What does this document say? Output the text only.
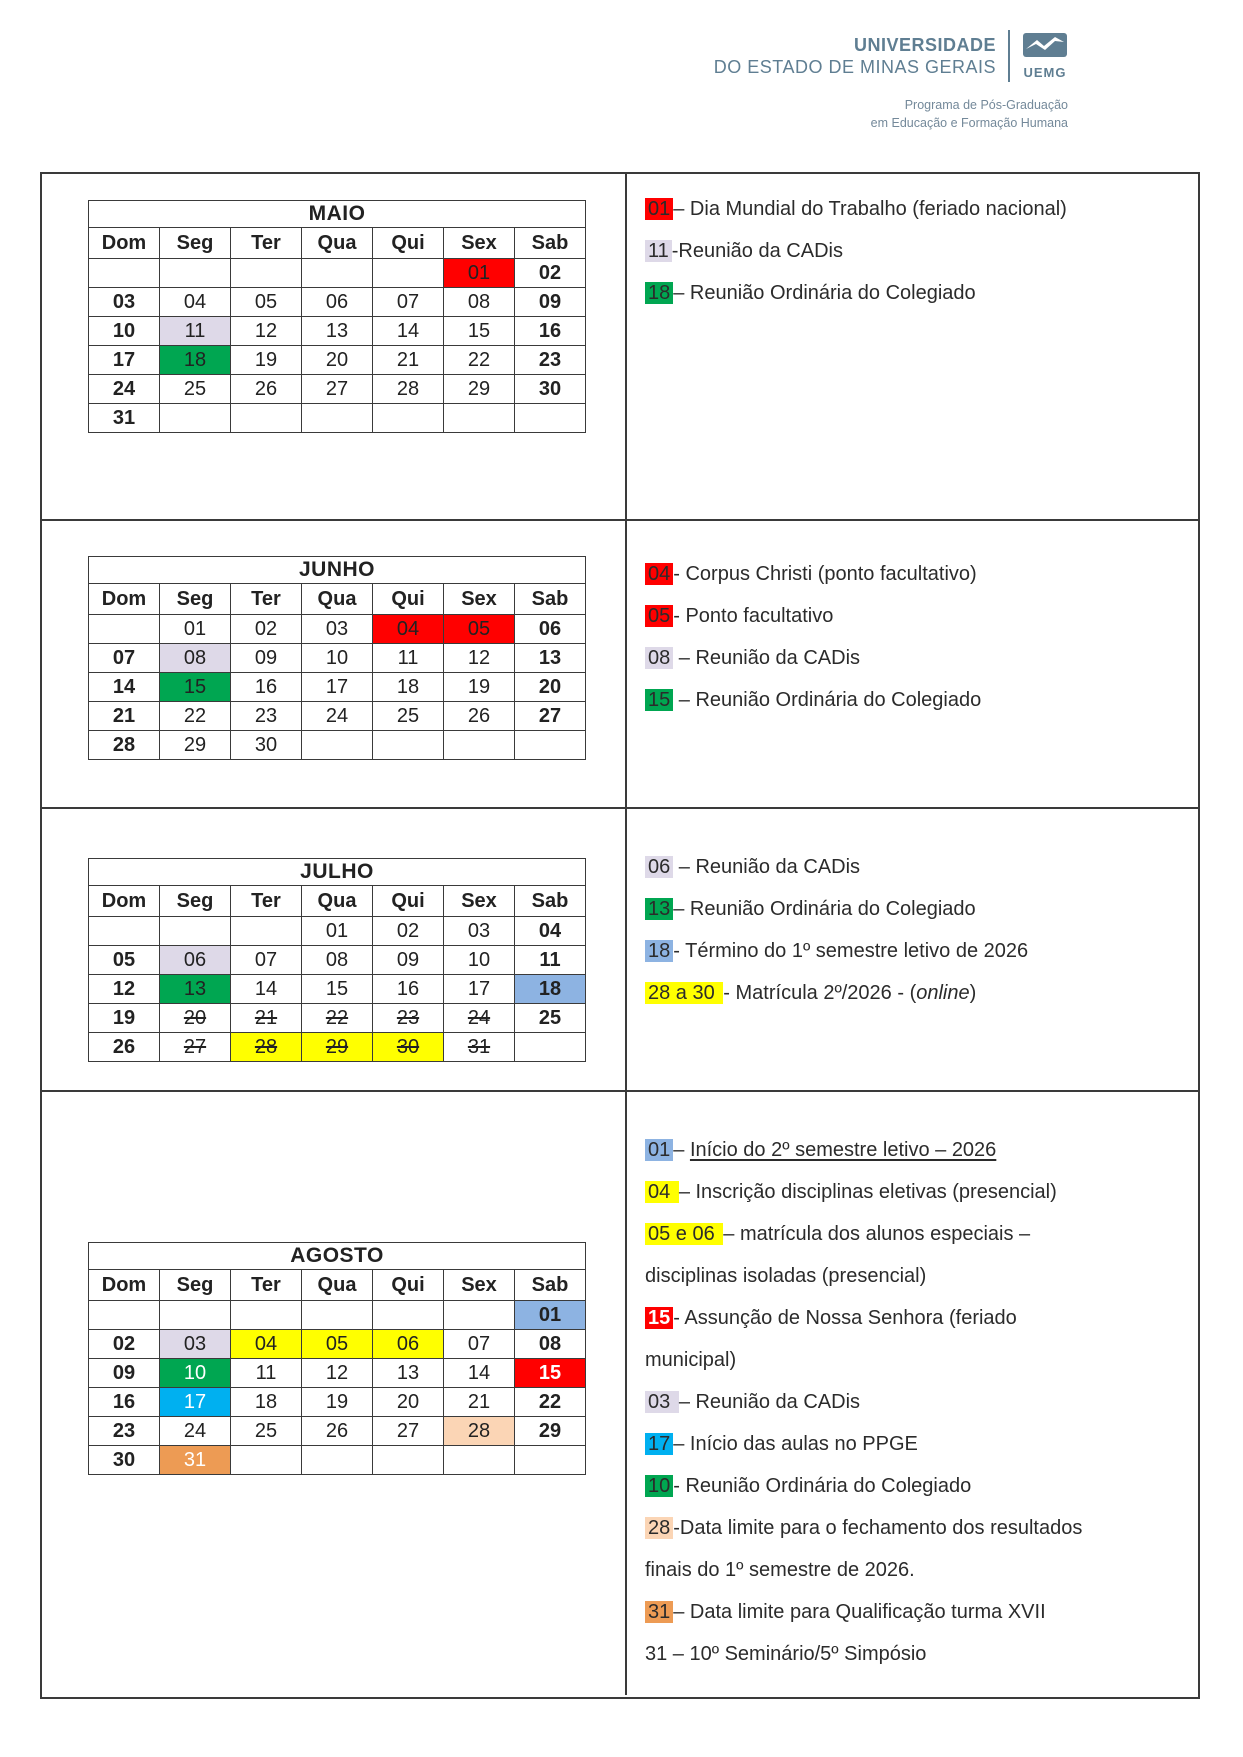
UNIVERSIDADE
DO ESTADO DE MINAS GERAIS UEMG
Programa de Pós-Graduação
em Educação e Formação Humana
MAIO						
Dom	Seg	Ter	Qua	Qui	Sex	Sab
					01	02
03	04	05	06	07	08	09
10	11	12	13	14	15	16
17	18	19	20	21	22	23
24	25	26	27	28	29	30
31						
01 – Dia Mundial do Trabalho (feriado nacional)
11 -Reunião da CADis
18 – Reunião Ordinária do Colegiado
JUNHO						
Dom	Seg	Ter	Qua	Qui	Sex	Sab
	01	02	03	04	05	06
07	08	09	10	11	12	13
14	15	16	17	18	19	20
21	22	23	24	25	26	27
28	29	30				
04 - Corpus Christi (ponto facultativo)
05 - Ponto facultativo
08 – Reunião da CADis
15 – Reunião Ordinária do Colegiado
JULHO						
Dom	Seg	Ter	Qua	Qui	Sex	Sab
			01	02	03	04
05	06	07	08	09	10	11
12	13	14	15	16	17	18
19	20	21	22	23	24	25
26	27	28	29	30	31	
06 – Reunião da CADis
13 – Reunião Ordinária do Colegiado
18 - Término do 1º semestre letivo de 2026
28 a 30 - Matrícula 2º/2026 - (online)
AGOSTO						
Dom	Seg	Ter	Qua	Qui	Sex	Sab
						01
02	03	04	05	06	07	08
09	10	11	12	13	14	15
16	17	18	19	20	21	22
23	24	25	26	27	28	29
30	31					
01 – Início do 2º semestre letivo – 2026
04 – Inscrição disciplinas eletivas (presencial)
05 e 06 – matrícula dos alunos especiais – disciplinas isoladas (presencial)
15 - Assunção de Nossa Senhora (feriado municipal)
03 – Reunião da CADis
17 – Início das aulas no PPGE
10 - Reunião Ordinária do Colegiado
28 -Data limite para o fechamento dos resultados finais do 1º semestre de 2026.
31 – Data limite para Qualificação turma XVII
31 – 10º Seminário/5º Simpósio
